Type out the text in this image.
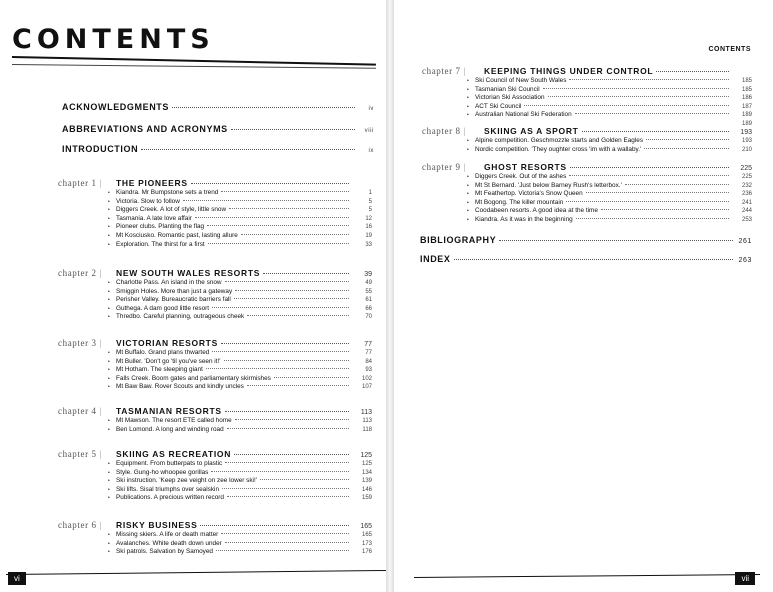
CONTENTS
ACKNOWLEDGMENTS	iv
ABBREVIATIONS AND ACRONYMS	viii
INTRODUCTION	ix
chapter 1 |	THE PIONEERS
• Kiandra. Mr Bumpstone sets a trend	1
• Victoria. Slow to follow	5
• Diggers Creek. A lot of style, little snow	5
• Tasmania. A late love affair	12
• Pioneer clubs. Planting the flag	16
• Mt Kosciusko. Romantic past, lasting allure	19
• Exploration. The thirst for a first	33
chapter 2 |	NEW SOUTH WALES RESORTS	39
• Charlotte Pass. An island in the snow	49
• Smiggin Holes. More than just a gateway	55
• Perisher Valley. Bureaucratic barriers fall	61
• Guthega. A dam good little resort	66
• Thredbo. Careful planning, outrageous cheek	70
chapter 3 |	VICTORIAN RESORTS	77
• Mt Buffalo. Grand plans thwarted	77
• Mt Buller. 'Don't go 'til you've seen it!'	84
• Mt Hotham. The sleeping giant	93
• Falls Creek. Boom gates and parliamentary skirmishes	102
• Mt Baw Baw. Rover Scouts and kindly uncles	107
chapter 4 |	TASMANIAN RESORTS	113
• Mt Mawson. The resort ETE called home	113
• Ben Lomond. A long and winding road	118
chapter 5 |	SKIING AS RECREATION	125
• Equipment. From butterpats to plastic	125
• Style. Gung-ho whoopee gorillas	134
• Ski instruction. 'Keep zee veight on zee lower ski!'	139
• Ski lifts. Sisal triumphs over sealskin	146
• Publications. A precious written record	159
chapter 6 |	RISKY BUSINESS	165
• Missing skiers. A life or death matter	165
• Avalanches. White death down under	173
• Ski patrols. Salvation by Samoyed	176
vi
CONTENTS
chapter 7 |	KEEPING THINGS UNDER CONTROL
• Ski Council of New South Wales	185
• Tasmanian Ski Council	185
• Victorian Ski Association	186
• ACT Ski Council	187
• Australian National Ski Federation	189
189
chapter 8 |	SKIING AS A SPORT	193
• Alpine competition. Geschmozzle starts and Golden Eagles	193
• Nordic competition. 'They oughter cross 'im with a wallaby.'	210
chapter 9 |	GHOST RESORTS	225
• Diggers Creek. Out of the ashes	225
• Mt St Bernard. 'Just below Barney Rush's letterbox.'	232
• Mt Feathertop. Victoria's Snow Queen	236
• Mt Bogong. The killer mountain	241
• Coodabeen resorts. A good idea at the time	244
• Kiandra. As it was in the beginning	253
BIBLIOGRAPHY	261
INDEX	263
vii
